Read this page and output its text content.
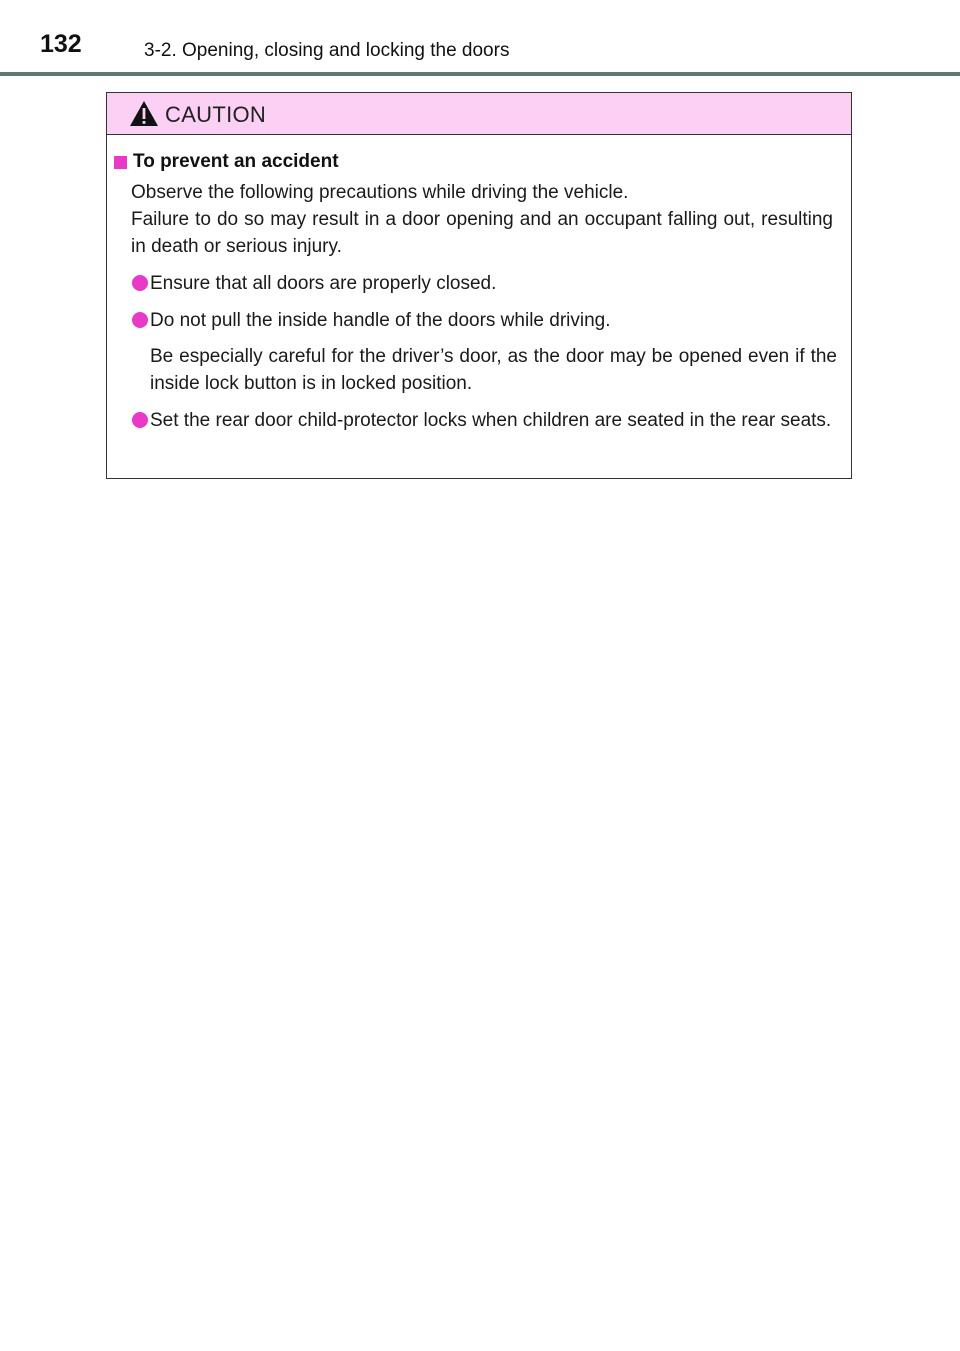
132	3-2. Opening, closing and locking the doors
CAUTION
To prevent an accident
Observe the following precautions while driving the vehicle.
Failure to do so may result in a door opening and an occupant falling out, resulting in death or serious injury.
Ensure that all doors are properly closed.
Do not pull the inside handle of the doors while driving.
Be especially careful for the driver’s door, as the door may be opened even if the inside lock button is in locked position.
Set the rear door child-protector locks when children are seated in the rear seats.
